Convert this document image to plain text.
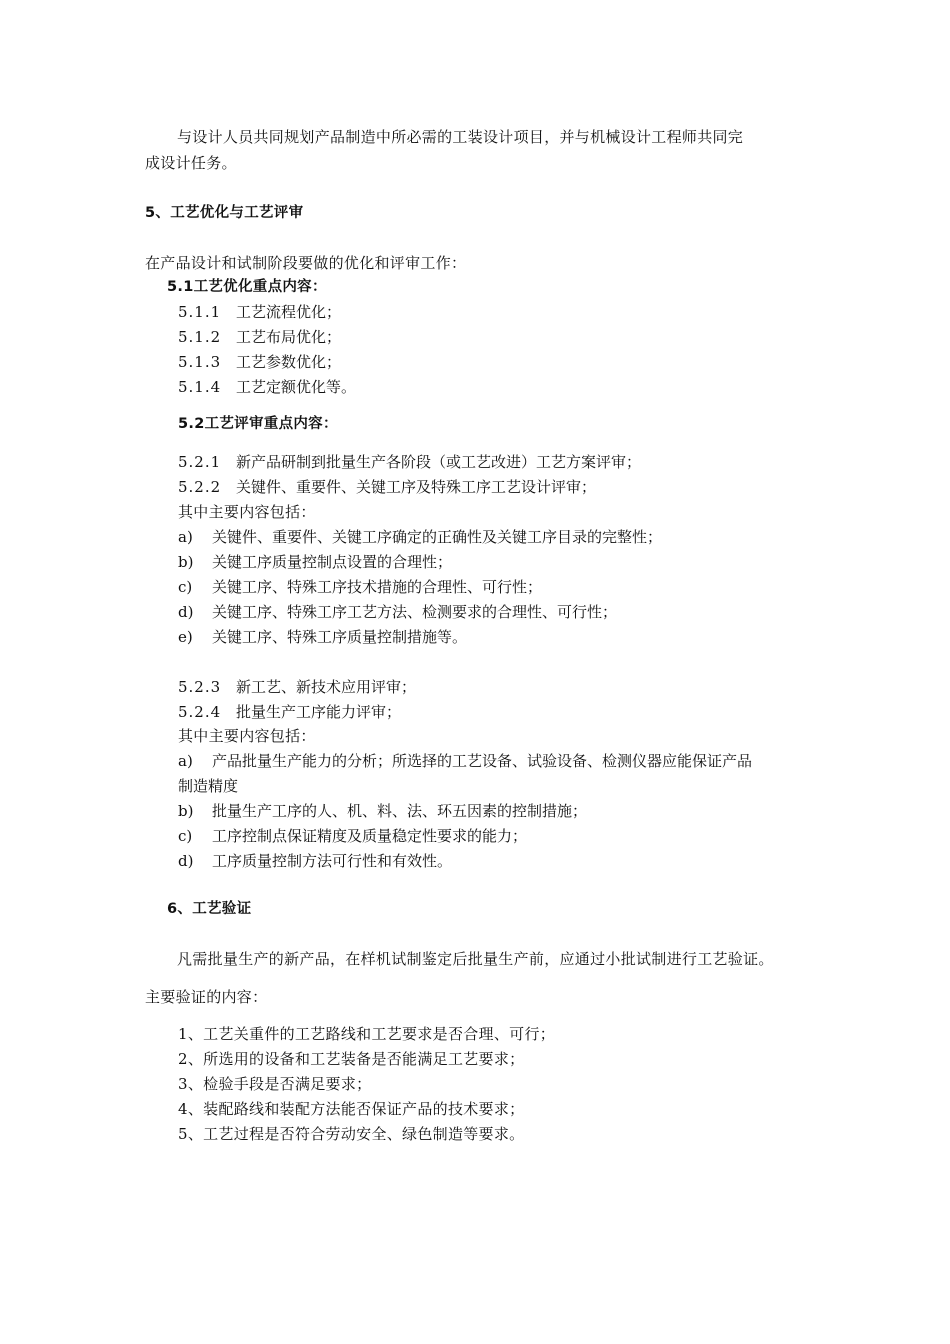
与设计人员共同规划产品制造中所必需的工装设计项目，并与机械设计工程师共同完
成设计任务。
5、工艺优化与工艺评审
在产品设计和试制阶段要做的优化和评审工作：
5.1工艺优化重点内容：
5.1.1 工艺流程优化；
5.1.2 工艺布局优化；
5.1.3 工艺参数优化；
5.1.4 工艺定额优化等。
5.2工艺评审重点内容：
5.2.1 新产品研制到批量生产各阶段（或工艺改进）工艺方案评审；
5.2.2 关键件、重要件、关键工序及特殊工序工艺设计评审；
其中主要内容包括：
a) 关键件、重要件、关键工序确定的正确性及关键工序目录的完整性；
b) 关键工序质量控制点设置的合理性；
c) 关键工序、特殊工序技术措施的合理性、可行性；
d) 关键工序、特殊工序工艺方法、检测要求的合理性、可行性；
e) 关键工序、特殊工序质量控制措施等。
5.2.3 新工艺、新技术应用评审；
5.2.4 批量生产工序能力评审；
其中主要内容包括：
a) 产品批量生产能力的分析；所选择的工艺设备、试验设备、检测仪器应能保证产品
制造精度
b) 批量生产工序的人、机、料、法、环五因素的控制措施；
c) 工序控制点保证精度及质量稳定性要求的能力；
d) 工序质量控制方法可行性和有效性。
6、工艺验证
凡需批量生产的新产品，在样机试制鉴定后批量生产前，应通过小批试制进行工艺验证。
主要验证的内容：
1、工艺关重件的工艺路线和工艺要求是否合理、可行；
2、所选用的设备和工艺装备是否能满足工艺要求；
3、检验手段是否满足要求；
4、装配路线和装配方法能否保证产品的技术要求；
5、工艺过程是否符合劳动安全、绿色制造等要求。
